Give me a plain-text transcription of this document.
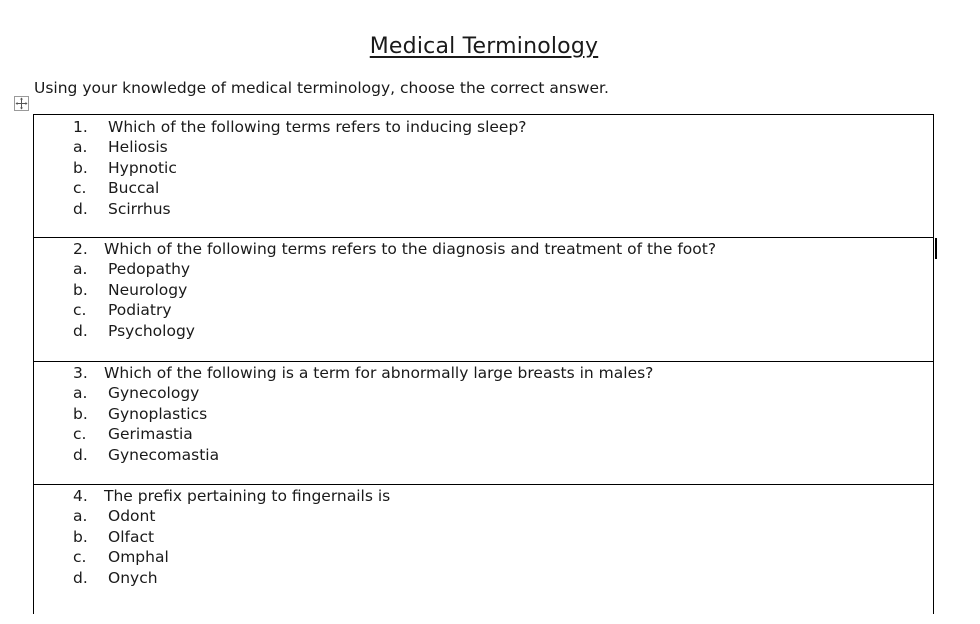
Medical Terminology
Using your knowledge of medical terminology, choose the correct answer.
1. Which of the following terms refers to inducing sleep?
a. Heliosis
b. Hypnotic
c. Buccal
d. Scirrhus
2. Which of the following terms refers to the diagnosis and treatment of the foot?
a. Pedopathy
b. Neurology
c. Podiatry
d. Psychology
3. Which of the following is a term for abnormally large breasts in males?
a. Gynecology
b. Gynoplastics
c. Gerimastia
d. Gynecomastia
4. The prefix pertaining to fingernails is
a. Odont
b. Olfact
c. Omphal
d. Onych
